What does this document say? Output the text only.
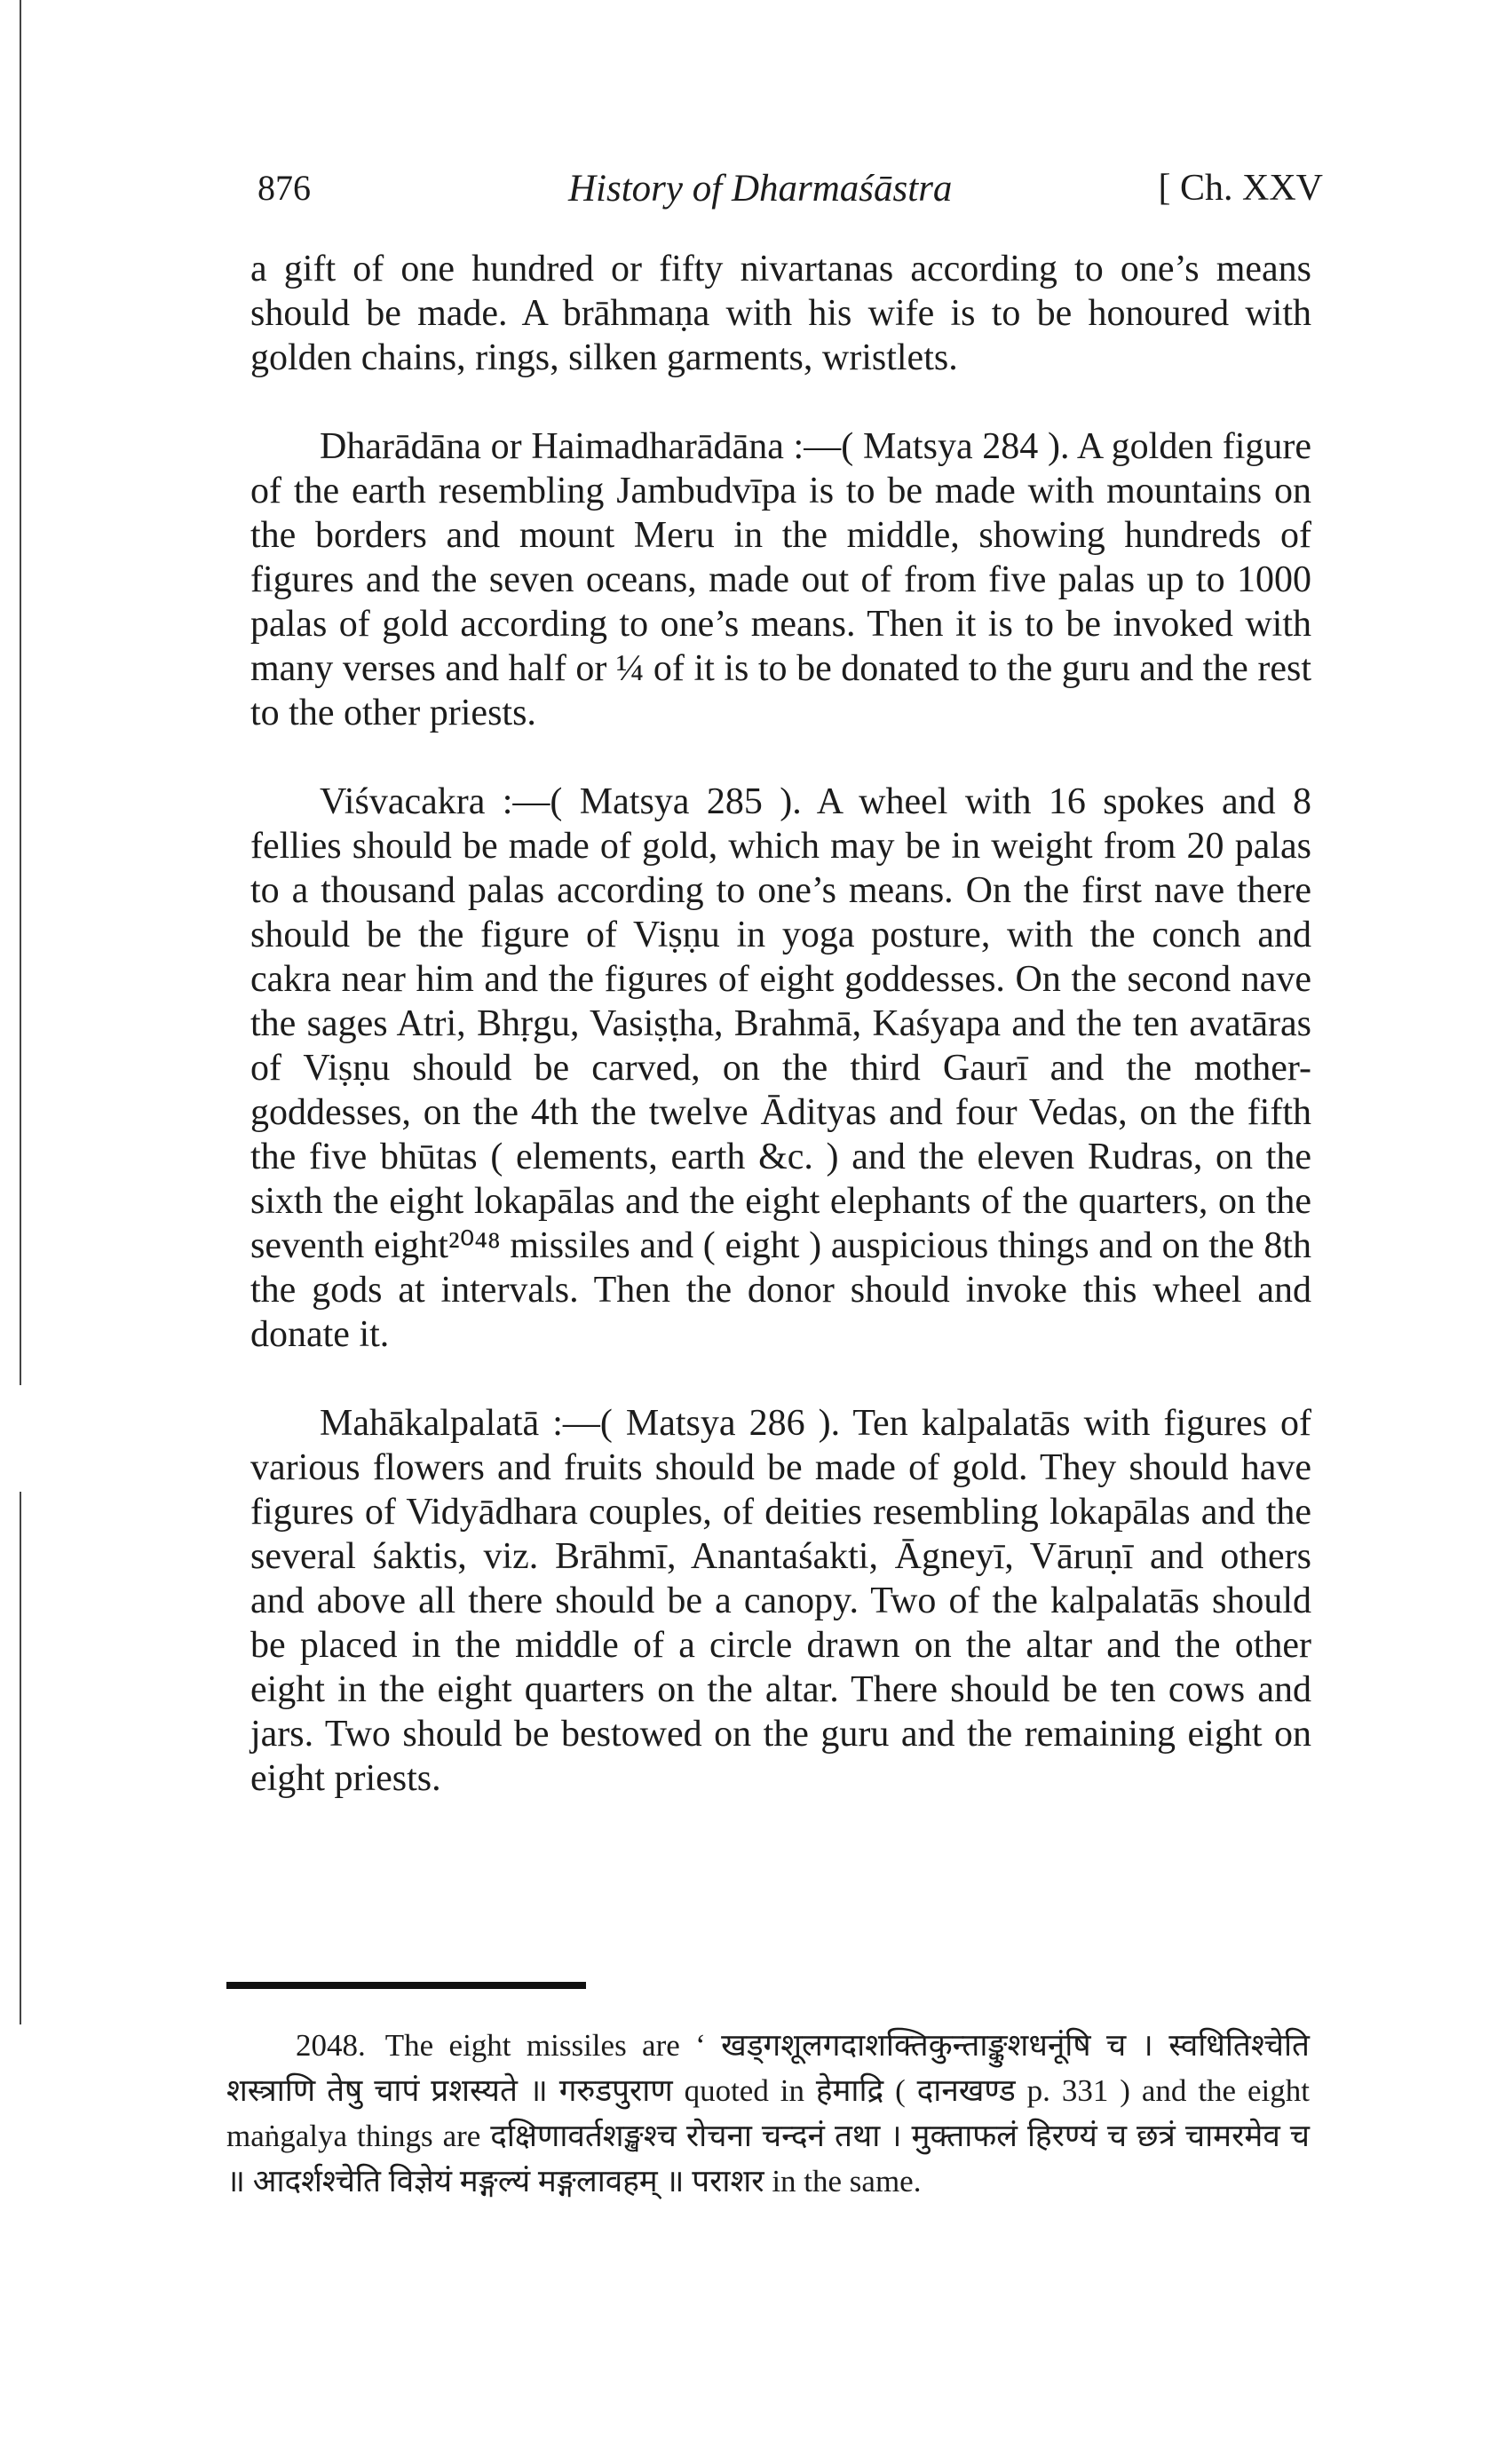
876	History of Dharmaśāstra	[ Ch. XXV

a gift of one hundred or fifty nivartanas according to one’s means should be made. A brāhmaṇa with his wife is to be honoured with golden chains, rings, silken garments, wristlets.

Dharādāna or Haimadharādāna :—( Matsya 284 ). A golden figure of the earth resembling Jambudvīpa is to be made with mountains on the borders and mount Meru in the middle, showing hundreds of figures and the seven oceans, made out of from five palas up to 1000 palas of gold according to one’s means. Then it is to be invoked with many verses and half or ¼ of it is to be donated to the guru and the rest to the other priests.

Viśvacakra :—( Matsya 285 ). A wheel with 16 spokes and 8 fellies should be made of gold, which may be in weight from 20 palas to a thousand palas according to one’s means. On the first nave there should be the figure of Viṣṇu in yoga posture, with the conch and cakra near him and the figures of eight goddesses. On the second nave the sages Atri, Bhṛgu, Vasiṣṭha, Brahmā, Kaśyapa and the ten avatāras of Viṣṇu should be carved, on the third Gaurī and the mother-goddesses, on the 4th the twelve Ādityas and four Vedas, on the fifth the five bhūtas ( elements, earth &c. ) and the eleven Rudras, on the sixth the eight lokapālas and the eight elephants of the quarters, on the seventh eight²⁰⁴⁸ missiles and ( eight ) auspicious things and on the 8th the gods at intervals. Then the donor should invoke this wheel and donate it.

Mahākalpalatā :—( Matsya 286 ). Ten kalpalatās with figures of various flowers and fruits should be made of gold. They should have figures of Vidyādhara couples, of deities resembling lokapālas and the several śaktis, viz. Brāhmī, Anantaśakti, Āgneyī, Vāruṇī and others and above all there should be a canopy. Two of the kalpalatās should be placed in the middle of a circle drawn on the altar and the other eight in the eight quarters on the altar. There should be ten cows and jars. Two should be bestowed on the guru and the remaining eight on eight priests.

2048. The eight missiles are ‘ खड्गशूलगदाशक्तिकुन्ताङ्कुशधनूंषि च । स्वधितिश्चेति शस्त्राणि तेषु चापं प्रशस्यते ॥ गरुडपुराण quoted in हेमाद्रि ( दानखण्ड p. 331 ) and the eight maṅgalya things are दक्षिणावर्तशङ्खश्च रोचना चन्दनं तथा । मुक्ताफलं हिरण्यं च छत्रं चामरमेव च ॥ आदर्शश्चेति विज्ञेयं मङ्गल्यं मङ्गलावहम् ॥ पराशर in the same.
